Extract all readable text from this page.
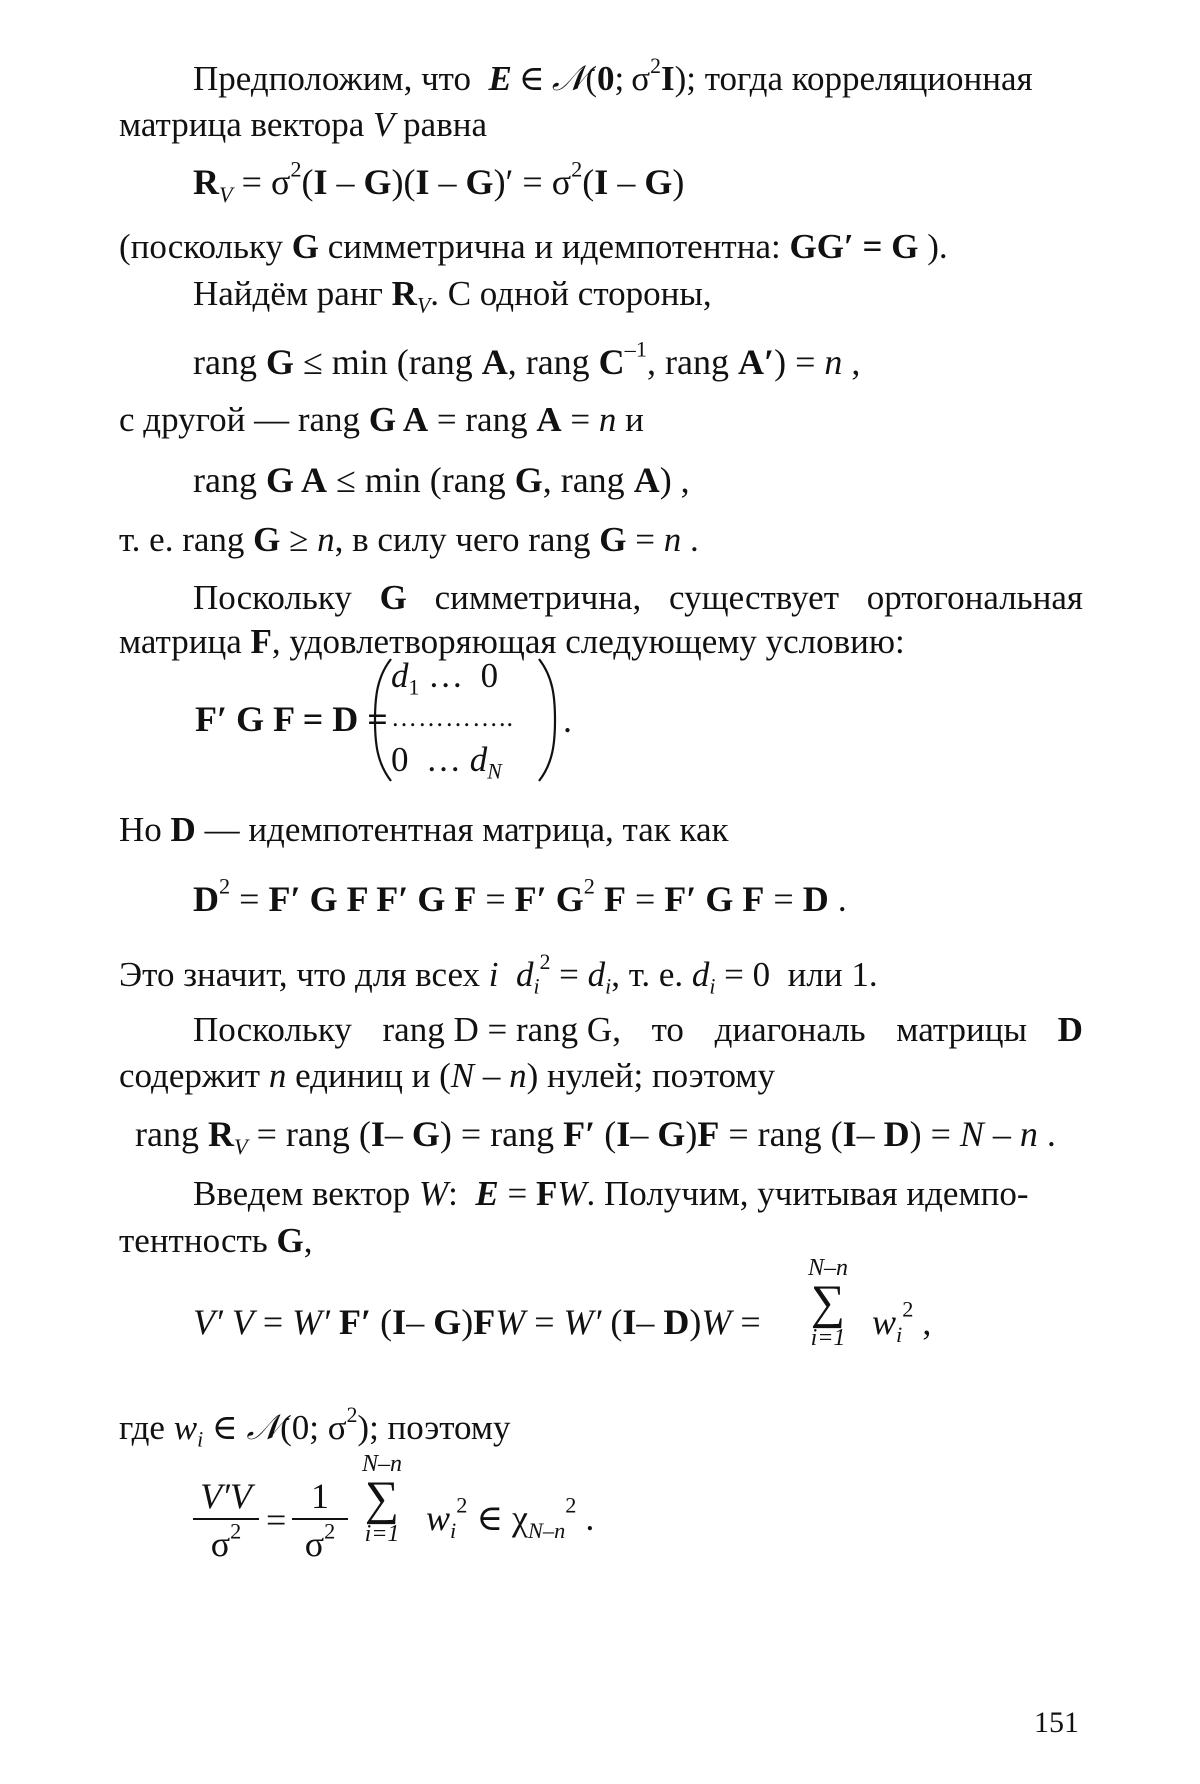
Предположим, что  E ∈ 𝒩(0; $\sigma^2I$); тогда корреляционная
матрица вектора V равна
$R_V = \sigma^2(I - G)(I - G)' = \sigma^2(I - G)$
(поскольку G симметрична и идемпотентна: GG′ = G ).
Найдём ранг $R_V$. С одной стороны,
rang G ≤ min (rang A, rang $C^{-1}$, rang A′) = n ,
с другой — rang G A = rang A = n и
rang G A ≤ min (rang G, rang A) ,
т. е. rang G ≥ n, в силу чего rang G = n .
Поскольку G симметрична, существует ортогональная
матрица F, удовлетворяющая следующему условию:
F′ G F = D =
$d_1$ …  0
…………..
0  … $d_N$
.
Но D — идемпотентная матрица, так как
$D^2 = F'$ G F F′ G F = F′ $G^2$ F = F′ G F = D .
Это значит, что для всех i $d_i^2 = d_i$, т. е. $d_i = 0$  или 1.
Поскольку rang D = rang G, то диагональ матрицы D
содержит n единиц и (N – n) нулей; поэтому
rang $R_V$ = rang (I– G) = rang F′ (I– G)F = rang (I– D) = N – n .
Введем вектор W:  E = FW. Получим, учитывая идемпо-
тентность G,
V′ V = W′ F′ (I– G)FW = W′ (I– D)W =
N–n
∑
i=1 $w_i^2$ ,
где $w_i$ ∈ 𝒩(0; $\sigma^2$); поэтому
$\frac{V'V}{\sigma^2} = \frac{1}{\sigma^2}$
N–n
∑
i=1 $w_i^2$ ∈ $\chi_{N-n}^2$ .
151
